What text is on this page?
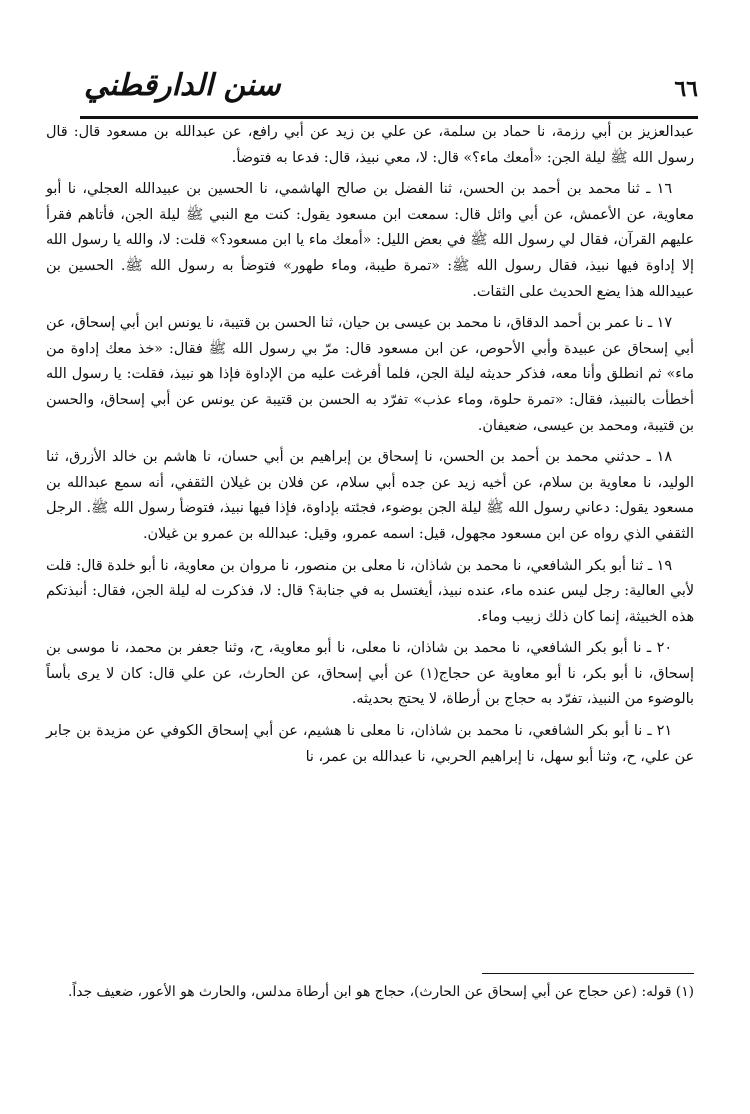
٦٦
سنن الدارقطني

عبدالعزيز بن أبي رزمة، نا حماد بن سلمة، عن علي بن زيد عن أبي رافع، عن عبدالله بن مسعود قال: قال رسول الله ﷺ ليلة الجن: «أمعك ماء؟» قال: لا، معي نبيذ، قال: فدعا به فتوضأ.

١٦ ـ ثنا محمد بن أحمد بن الحسن، ثنا الفضل بن صالح الهاشمي، نا الحسين بن عبيدالله العجلي، نا أبو معاوية، عن الأعمش، عن أبي وائل قال: سمعت ابن مسعود يقول: كنت مع النبي ﷺ ليلة الجن، فأتاهم فقرأ عليهم القرآن، فقال لي رسول الله ﷺ في بعض الليل: «أمعك ماء يا ابن مسعود؟» قلت: لا، والله يا رسول الله إلا إداوة فيها نبيذ، فقال رسول الله ﷺ: «تمرة طيبة، وماء طهور» فتوضأ به رسول الله ﷺ. الحسين بن عبيدالله هذا يضع الحديث على الثقات.

١٧ ـ نا عمر بن أحمد الدقاق، نا محمد بن عيسى بن حيان، ثنا الحسن بن قتيبة، نا يونس ابن أبي إسحاق، عن أبي إسحاق عن عبيدة وأبي الأحوص، عن ابن مسعود قال: مرّ بي رسول الله ﷺ فقال: «خذ معك إداوة من ماء» ثم انطلق وأنا معه، فذكر حديثه ليلة الجن، فلما أفرغت عليه من الإداوة فإذا هو نبيذ، فقلت: يا رسول الله أخطأت بالنبيذ، فقال: «تمرة حلوة، وماء عذب» تفرّد به الحسن بن قتيبة عن يونس عن أبي إسحاق، والحسن بن قتيبة، ومحمد بن عيسى، ضعيفان.

١٨ ـ حدثني محمد بن أحمد بن الحسن، نا إسحاق بن إبراهيم بن أبي حسان، نا هاشم بن خالد الأزرق، ثنا الوليد، نا معاوية بن سلام، عن أخيه زيد عن جده أبي سلام، عن فلان بن غيلان الثقفي، أنه سمع عبدالله بن مسعود يقول: دعاني رسول الله ﷺ ليلة الجن بوضوء، فجئته بإداوة، فإذا فيها نبيذ، فتوضأ رسول الله ﷺ. الرجل الثقفي الذي رواه عن ابن مسعود مجهول، قيل: اسمه عمرو، وقيل: عبدالله بن عمرو بن غيلان.

١٩ ـ ثنا أبو بكر الشافعي، نا محمد بن شاذان، نا معلى بن منصور، نا مروان بن معاوية، نا أبو خلدة قال: قلت لأبي العالية: رجل ليس عنده ماء، عنده نبيذ، أيغتسل به في جنابة؟ قال: لا، فذكرت له ليلة الجن، فقال: أنبذتكم هذه الخبيثة، إنما كان ذلك زبيب وماء.

٢٠ ـ نا أبو بكر الشافعي، نا محمد بن شاذان، نا معلى، نا أبو معاوية، ح، وثنا جعفر بن محمد، نا موسى بن إسحاق، نا أبو بكر، نا أبو معاوية عن حجاج(١) عن أبي إسحاق، عن الحارث، عن علي قال: كان لا يرى بأساً بالوضوء من النبيذ، تفرّد به حجاج بن أرطاة، لا يحتج بحديثه.

٢١ ـ نا أبو بكر الشافعي، نا محمد بن شاذان، نا معلى نا هشيم، عن أبي إسحاق الكوفي عن مزيدة بن جابر عن علي، ح، وثنا أبو سهل، نا إبراهيم الحربي، نا عبدالله بن عمر، نا

(١) قوله: (عن حجاج عن أبي إسحاق عن الحارث)، حجاج هو ابن أرطاة مدلس، والحارث هو الأعور، ضعيف جداً.
